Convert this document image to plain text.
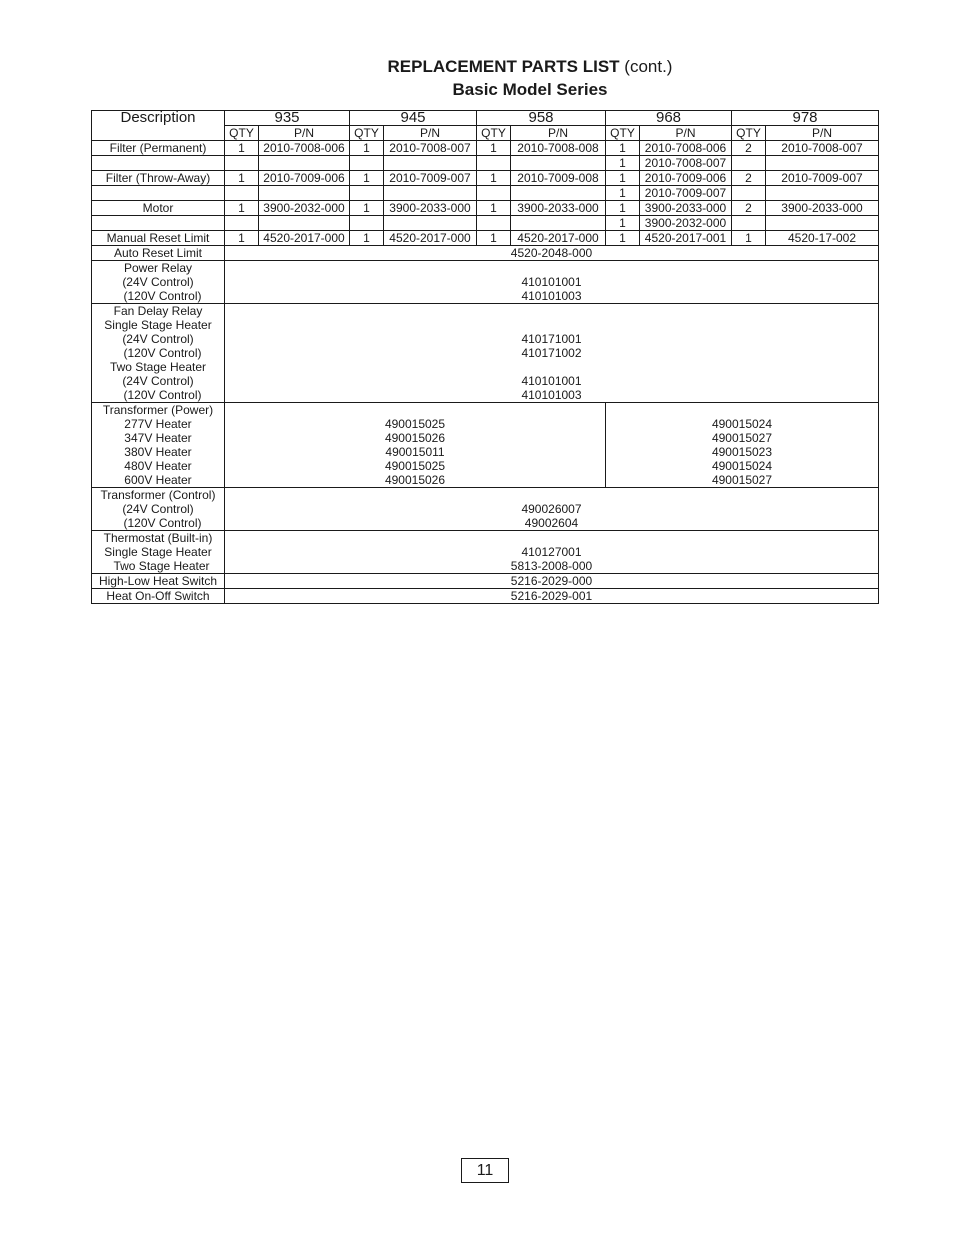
REPLACEMENT PARTS LIST (cont.)
Basic Model Series
Description	935		945		958		968		978	
	QTY	P/N	QTY	P/N	QTY	P/N	QTY	P/N	QTY	P/N
Filter (Permanent)	1	2010-7008-006	1	2010-7008-007	1	2010-7008-008	1	2010-7008-006	2	2010-7008-007
							1	2010-7008-007		
Filter (Throw-Away)	1	2010-7009-006	1	2010-7009-007	1	2010-7009-008	1	2010-7009-006	2	2010-7009-007
							1	2010-7009-007		
Motor	1	3900-2032-000	1	3900-2033-000	1	3900-2033-000	1	3900-2033-000	2	3900-2033-000
							1	3900-2032-000		
Manual Reset Limit	1	4520-2017-000	1	4520-2017-000	1	4520-2017-000	1	4520-2017-001	1	4520-17-002
Auto Reset Limit	4520-2048-000									
Power Relay										
(24V Control)	410101001									
(120V Control)	410101003									
Fan Delay Relay										
Single Stage Heater										
(24V Control)	410171001									
(120V Control)	410171002									
Two Stage Heater										
(24V Control)	410101001									
(120V Control)	410101003									
Transformer (Power)										
277V Heater	490015025						490015024			
347V Heater	490015026						490015027			
380V Heater	490015011						490015023			
480V Heater	490015025						490015024			
600V Heater	490015026						490015027			
Transformer (Control)										
(24V Control)	490026007									
(120V Control)	49002604									
Thermostat (Built-in)										
Single Stage Heater	410127001									
Two Stage Heater	5813-2008-000									
High-Low Heat Switch	5216-2029-000									
Heat On-Off Switch	5216-2029-001									
11
